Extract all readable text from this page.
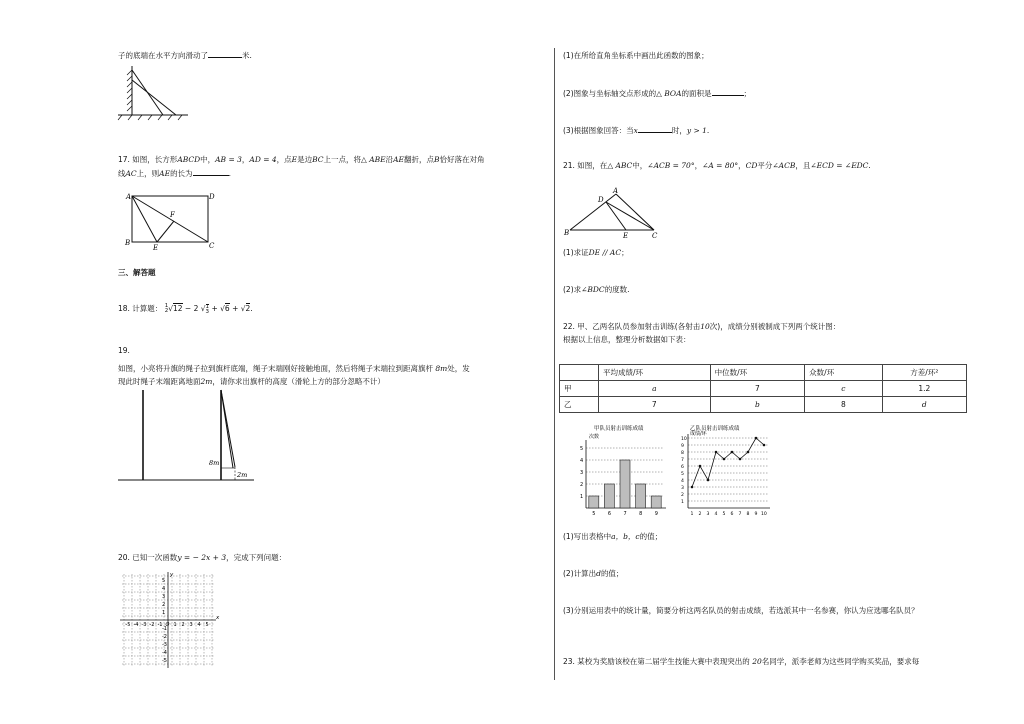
子的底端在水平方向滑动了	米.
17. 如图，长方形ABCD中，AB = 3，AD = 4，点E是边BC上一点，将△ ABE沿AE翻折，点B恰好落在对角
线AC上，则AE的长为	.
A
B	C
D
E
F
三、解答题
18. 计算题： 1
2√12 − 2 √1
3 + √6 + √2.
19.
如图，小亮将升旗的绳子拉到旗杆底端，绳子末端刚好接触地面，然后将绳子末端拉到距离旗杆 8m处，发
现此时绳子末端距离地面2m，请你求出旗杆的高度（滑轮上方的部分忽略不计）
8m
2m
20. 已知一次函数y = − 2x + 3，完成下列问题：
x
y
-5 -4 -3 -2 -1 O 1 2 3 4 5
5
4
3
2
1
-1
-2
-3
-4
-5
(1)在所给直角坐标系中画出此函数的图象；
(2)图象与坐标轴交点形成的△ BOA的面积是	；
(3)根据图象回答：当x	时，y > 1.
21. 如图，在△ ABC中，∠ACB = 70°，∠A = 80°，CD平分∠ACB，且∠ECD = ∠EDC.
A
B	C
D
E
(1)求证DE // AC；
(2)求∠BDC的度数.
22. 甲、乙两名队员参加射击训练(各射击10次)，成绩分别被制成下列两个统计图：
根据以上信息，整理分析数据如下表：
	平均成绩/环	中位数/环	众数/环	方差/环²
甲	a	7	c	1.2
乙	7	b	8	d
甲队员射击训练成绩
次数
1
2
3
4
5
5 6 7 8 9
乙队员射击训练成绩
成绩/环
1
2
3
4
5
6
7
8
9
10
1 2 3 4 5 6 7 8 9 10
(1)写出表格中a，b，c的值；
(2)计算出d的值；
(3)分别运用表中的统计量，简要分析这两名队员的射击成绩，若选派其中一名参赛，你认为应选哪名队员？
23. 某校为奖励该校在第二届学生技能大赛中表现突出的 20名同学，派李老师为这些同学购买奖品，要求每
